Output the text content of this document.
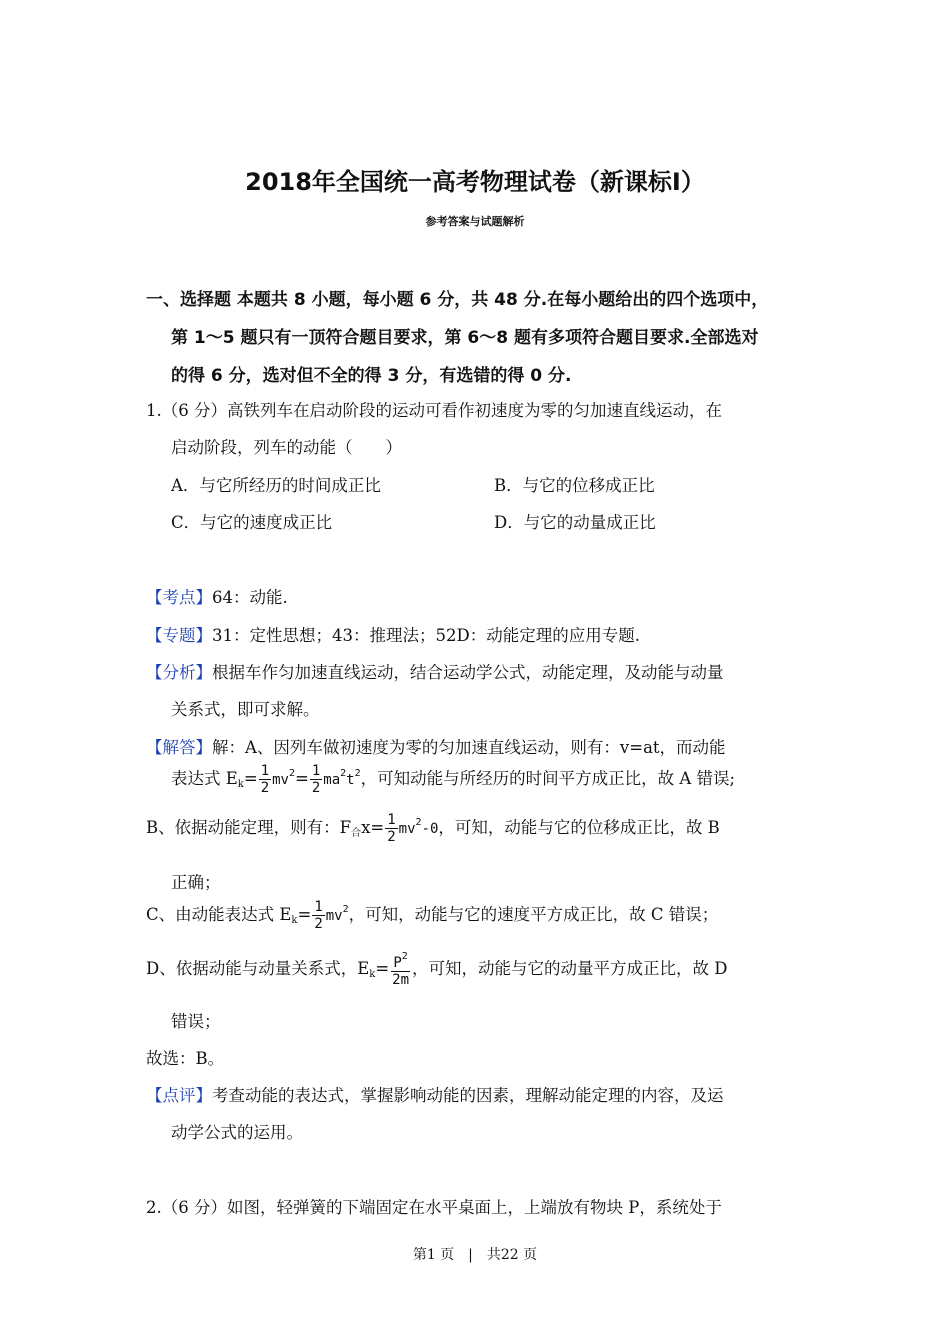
2018年全国统一高考物理试卷（新课标Ⅰ）
参考答案与试题解析
一、选择题 本题共 8 小题，每小题 6 分，共 48 分.在每小题给出的四个选项中，
第 1～5 题只有一顶符合题目要求，第 6～8 题有多项符合题目要求.全部选对
的得 6 分，选对但不全的得 3 分，有选错的得 0 分.
1.（6 分）高铁列车在启动阶段的运动可看作初速度为零的匀加速直线运动，在
启动阶段，列车的动能（　　）
A．与它所经历的时间成正比	B．与它的位移成正比
C．与它的速度成正比	D．与它的动量成正比
【考点】64：动能.
【专题】31：定性思想；43：推理法；52D：动能定理的应用专题.
【分析】根据车作匀加速直线运动，结合运动学公式，动能定理，及动能与动量
关系式，即可求解。
【解答】解：A、因列车做初速度为零的匀加速直线运动，则有：v=at，而动能
表达式 $E_k= \frac{1}{2} mv^2= \frac{1}{2} ma^2t^2$，可知动能与所经历的时间平方成正比，故 A 错误;
B、依据动能定理，则有：$F_合x= \frac{1}{2} mv^2-0$，可知，动能与它的位移成正比，故 B
正确；
C、由动能表达式 $E_k= \frac{1}{2} mv^2$，可知，动能与它的速度平方成正比，故 C 错误；
D、依据动能与动量关系式，$E_k= \frac{P^2}{2m}$ ，可知，动能与它的动量平方成正比，故 D
错误；
故选：B。
【点评】考查动能的表达式，掌握影响动能的因素，理解动能定理的内容，及运
动学公式的运用。
2.（6 分）如图，轻弹簧的下端固定在水平桌面上，上端放有物块 P，系统处于
第1 页　|　共22 页
